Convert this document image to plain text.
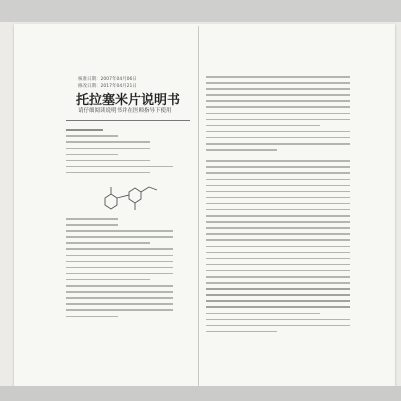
核准日期：2007年04月06日
修改日期：2017年04月21日
托拉塞米片说明书
请仔细阅读说明书并在医师指导下使用
